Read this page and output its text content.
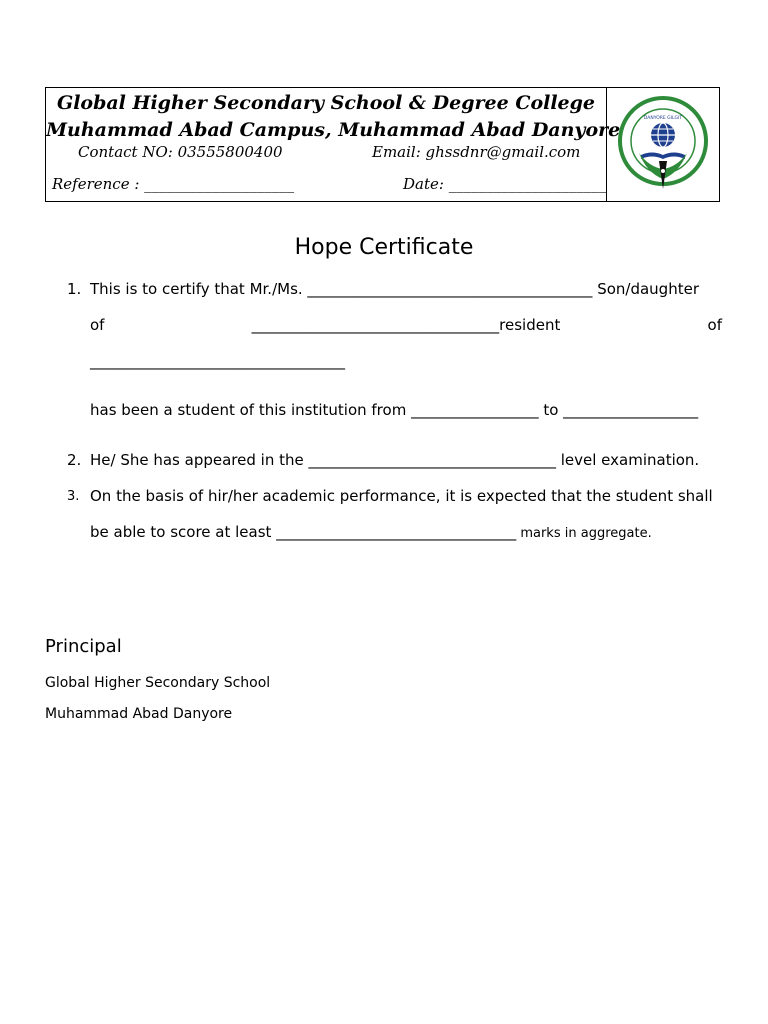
Global Higher Secondary School & Degree College
Muhammad Abad Campus, Muhammad Abad Danyore
Contact NO: 03555800400	Email: ghssdnr@gmail.com
Reference : ____________________	Date: _____________________
DANYORE GILGIT
Hope Certificate
1. This is to certify that Mr./Ms. ______________________________________ Son/daughter
of	_________________________________resident	of
__________________________________
has been a student of this institution from _________________ to __________________
2. He/ She has appeared in the _________________________________ level examination.
3. On the basis of hir/her academic performance, it is expected that the student shall
be able to score at least ________________________________ marks in aggregate.
Principal
Global Higher Secondary School
Muhammad Abad Danyore
